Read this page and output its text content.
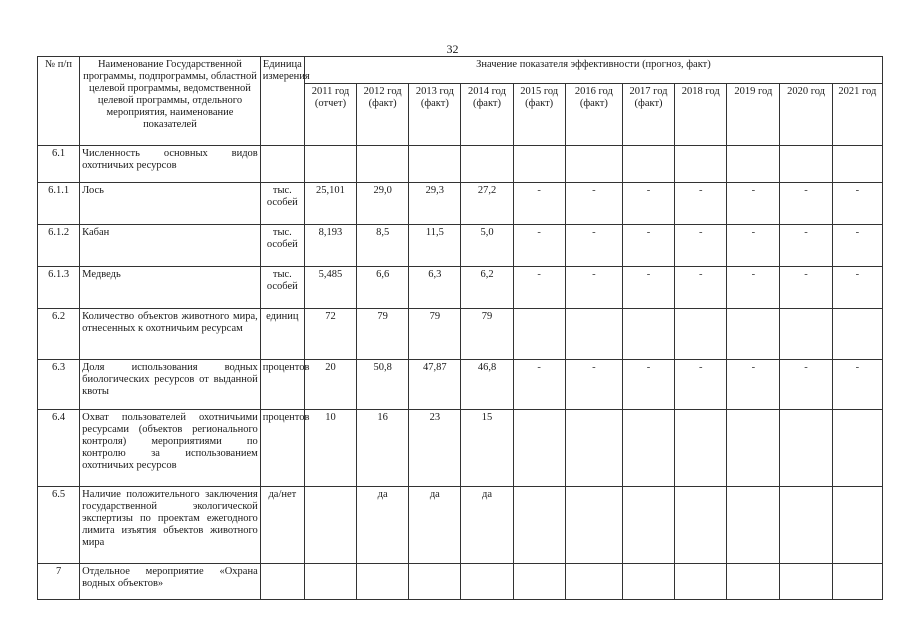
32
№ п/п	Наименование Государственной программы, подпрограммы, областной целевой программы, ведомственной целевой программы, отдельного мероприятия, наименование показателей	Единица измерения	Значение показателя эффективности (прогноз, факт)										
			2011 год (отчет)	2012 год (факт)	2013 год (факт)	2014 год (факт)	2015 год (факт)	2016 год (факт)	2017 год (факт)	2018 год	2019 год	2020 год	2021 год
6.1	Численность основных видов охотничьих ресурсов												
6.1.1	Лось	тыс. особей	25,101	29,0	29,3	27,2	-	-	-	-	-	-	-
6.1.2	Кабан	тыс. особей	8,193	8,5	11,5	5,0	-	-	-	-	-	-	-
6.1.3	Медведь	тыс. особей	5,485	6,6	6,3	6,2	-	-	-	-	-	-	-
6.2	Количество объектов животного мира, отнесенных к охотничьим ресурсам	единиц	72	79	79	79							
6.3	Доля использования водных биологических ресурсов от выданной квоты	процентов	20	50,8	47,87	46,8	-	-	-	-	-	-	-
6.4	Охват пользователей охотничьими ресурсами (объектов регионального контроля) мероприятиями по контролю за использованием охотничьих ресурсов	процентов	10	16	23	15							
6.5	Наличие положительного заключения государственной экологической экспертизы по проектам ежегодного лимита изъятия объектов животного мира	да/нет		да	да	да							
7	Отдельное мероприятие «Охрана водных объектов»												
